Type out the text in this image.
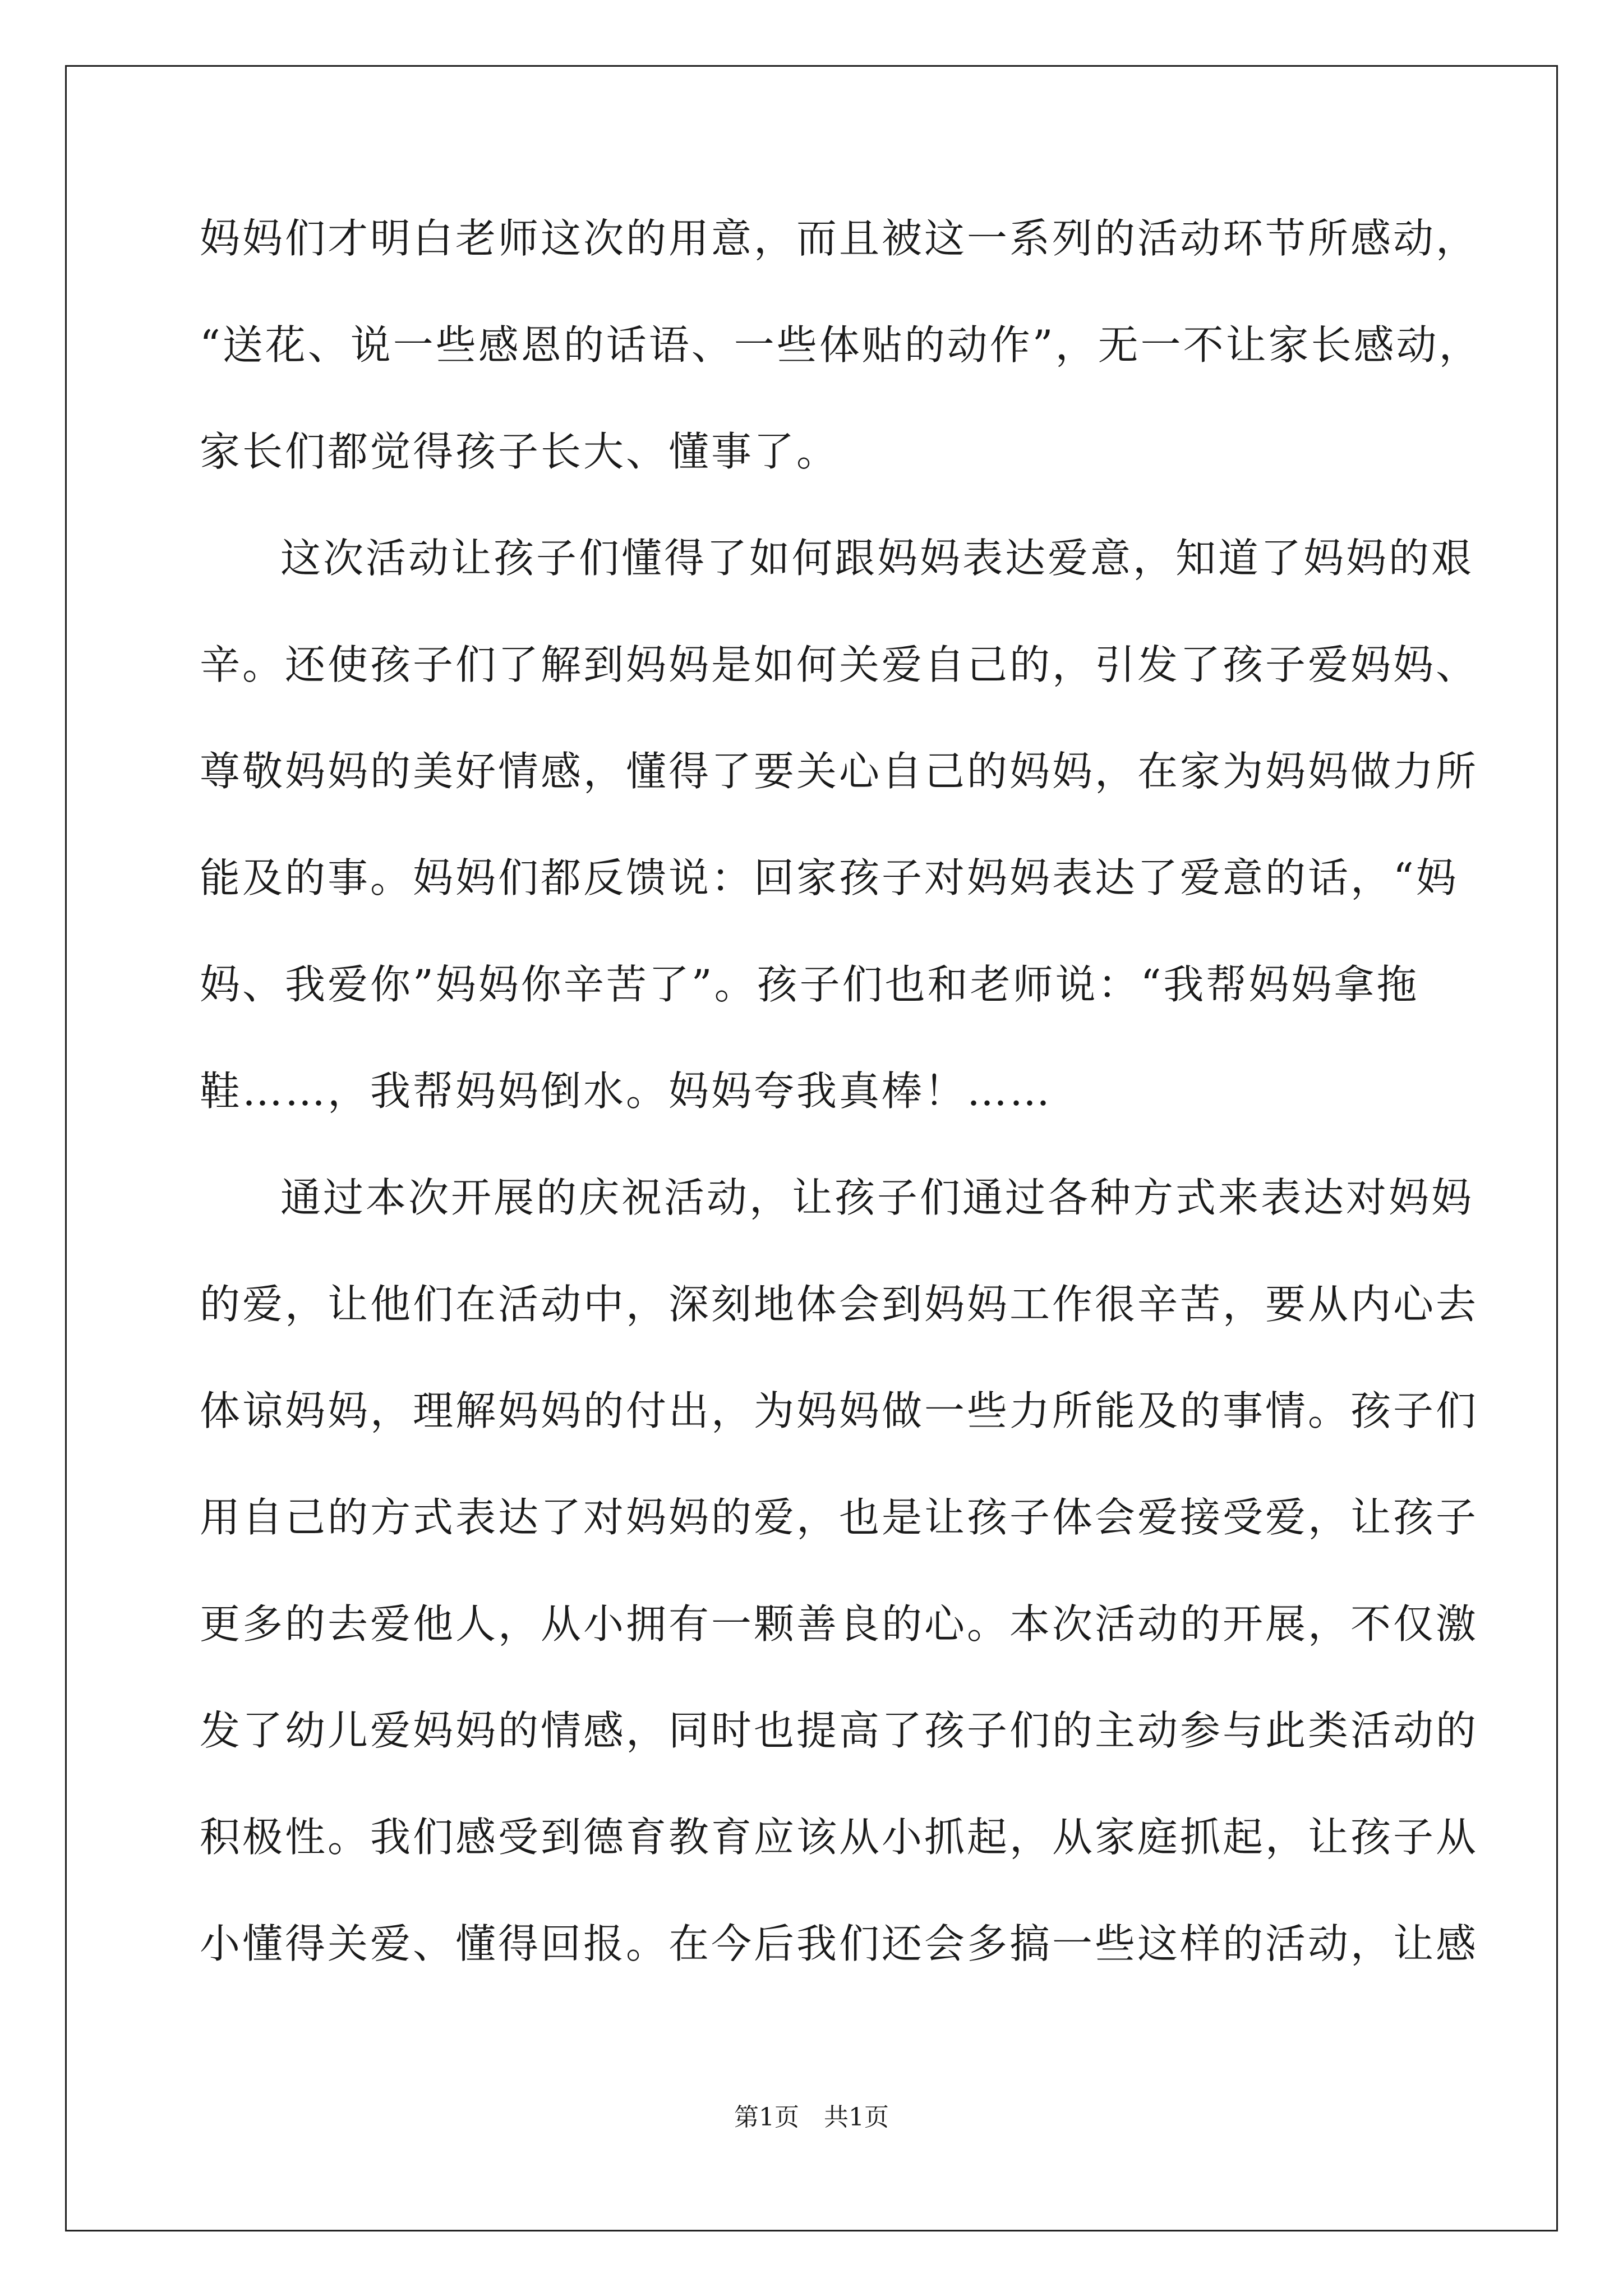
妈妈们才明白老师这次的用意，而且被这一系列的活动环节所感动，
“送花、说一些感恩的话语、一些体贴的动作”，无一不让家长感动，
家长们都觉得孩子长大、懂事了。
这次活动让孩子们懂得了如何跟妈妈表达爱意，知道了妈妈的艰
辛。还使孩子们了解到妈妈是如何关爱自己的，引发了孩子爱妈妈、
尊敬妈妈的美好情感，懂得了要关心自己的妈妈，在家为妈妈做力所
能及的事。妈妈们都反馈说：回家孩子对妈妈表达了爱意的话，“妈
妈、我爱你”妈妈你辛苦了”。孩子们也和老师说：“我帮妈妈拿拖
鞋……，我帮妈妈倒水。妈妈夸我真棒！……
通过本次开展的庆祝活动，让孩子们通过各种方式来表达对妈妈
的爱，让他们在活动中，深刻地体会到妈妈工作很辛苦，要从内心去
体谅妈妈，理解妈妈的付出，为妈妈做一些力所能及的事情。孩子们
用自己的方式表达了对妈妈的爱，也是让孩子体会爱接受爱，让孩子
更多的去爱他人，从小拥有一颗善良的心。本次活动的开展，不仅激
发了幼儿爱妈妈的情感，同时也提高了孩子们的主动参与此类活动的
积极性。我们感受到德育教育应该从小抓起，从家庭抓起，让孩子从
小懂得关爱、懂得回报。在今后我们还会多搞一些这样的活动，让感
第1页　共1页
